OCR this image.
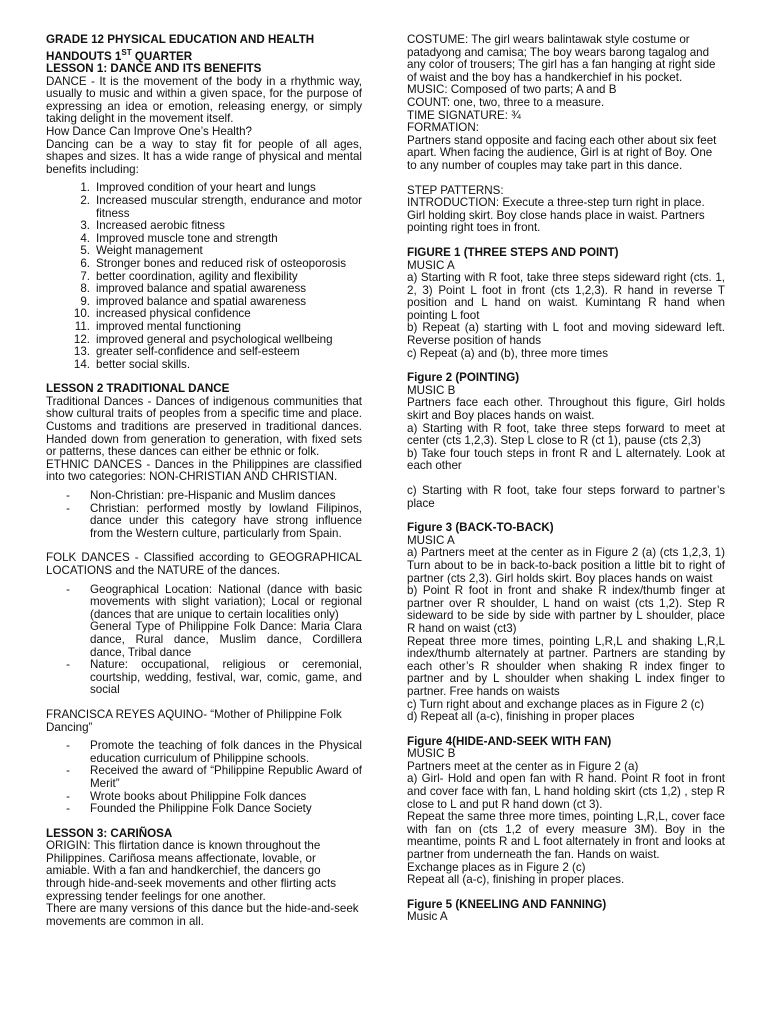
GRADE 12 PHYSICAL EDUCATION AND HEALTH

HANDOUTS 1ST QUARTER

LESSON 1: DANCE AND ITS BENEFITS

DANCE - It is the movement of the body in a rhythmic way, usually to music and within a given space, for the purpose of expressing an idea or emotion, releasing energy, or simply taking delight in the movement itself.

How Dance Can Improve One’s Health?

Dancing can be a way to stay fit for people of all ages, shapes and sizes. It has a wide range of physical and mental benefits including:

1. Improved condition of your heart and lungs
2. Increased muscular strength, endurance and motor fitness
3. Increased aerobic fitness
4. Improved muscle tone and strength
5. Weight management
6. Stronger bones and reduced risk of osteoporosis
7. better coordination, agility and flexibility
8. improved balance and spatial awareness
9. improved balance and spatial awareness
10. increased physical confidence
11. improved mental functioning
12. improved general and psychological wellbeing
13. greater self-confidence and self-esteem
14. better social skills.

LESSON 2 TRADITIONAL DANCE

Traditional Dances - Dances of indigenous communities that show cultural traits of peoples from a specific time and place. Customs and traditions are preserved in traditional dances. Handed down from generation to generation, with fixed sets or patterns, these dances can either be ethnic or folk.

ETHNIC DANCES - Dances in the Philippines are classified into two categories: NON-CHRISTIAN AND CHRISTIAN.

-	Non-Christian: pre-Hispanic and Muslim dances
-	Christian: performed mostly by lowland Filipinos, dance under this category have strong influence from the Western culture, particularly from Spain.

FOLK DANCES - Classified according to GEOGRAPHICAL LOCATIONS and the NATURE of the dances.

-	Geographical Location: National (dance with basic movements with slight variation); Local or regional (dances that are unique to certain localities only)
General Type of Philippine Folk Dance: Maria Clara dance, Rural dance, Muslim dance, Cordillera dance, Tribal dance
-	Nature: occupational, religious or ceremonial, courtship, wedding, festival, war, comic, game, and social

FRANCISCA REYES AQUINO- “Mother of Philippine Folk Dancing”

-	Promote the teaching of folk dances in the Physical education curriculum of Philippine schools.
-	Received the award of “Philippine Republic Award of Merit”
-	Wrote books about Philippine Folk dances
-	Founded the Philippine Folk Dance Society

LESSON 3: CARIÑOSA

ORIGIN: This flirtation dance is known throughout the Philippines. Cariñosa means affectionate, lovable, or amiable. With a fan and handkerchief, the dancers go through hide-and-seek movements and other flirting acts expressing tender feelings for one another.

There are many versions of this dance but the hide-and-seek movements are common in all.

COSTUME: The girl wears balintawak style costume or patadyong and camisa; The boy wears barong tagalog and any color of trousers; The girl has a fan hanging at right side of waist and the boy has a handkerchief in his pocket.

MUSIC: Composed of two parts; A and B

COUNT: one, two, three to a measure.

TIME SIGNATURE: ¾

FORMATION:

Partners stand opposite and facing each other about six feet apart. When facing the audience, Girl is at right of Boy. One to any number of couples may take part in this dance.

STEP PATTERNS:

INTRODUCTION: Execute a three-step turn right in place. Girl holding skirt. Boy close hands place in waist. Partners pointing right toes in front.

FIGURE 1 (THREE STEPS AND POINT)

MUSIC A

a) Starting with R foot, take three steps sideward right (cts. 1, 2, 3) Point L foot in front (cts 1,2,3). R hand in reverse T position and L hand on waist. Kumintang R hand when pointing L foot

b) Repeat (a) starting with L foot and moving sideward left. Reverse position of hands

c) Repeat (a) and (b), three more times

Figure 2 (POINTING)

MUSIC B

Partners face each other. Throughout this figure, Girl holds skirt and Boy places hands on waist.

a) Starting with R foot, take three steps forward to meet at center (cts 1,2,3). Step L close to R (ct 1), pause (cts 2,3)

b) Take four touch steps in front R and L alternately. Look at each other

c) Starting with R foot, take four steps forward to partner’s place

Figure 3 (BACK-TO-BACK)

MUSIC A

a) Partners meet at the center as in Figure 2 (a) (cts 1,2,3, 1) Turn about to be in back-to-back position a little bit to right of partner (cts 2,3). Girl holds skirt. Boy places hands on waist

b) Point R foot in front and shake R index/thumb finger at partner over R shoulder, L hand on waist (cts 1,2). Step R sideward to be side by side with partner by L shoulder, place R hand on waist (ct3)

Repeat three more times, pointing L,R,L and shaking L,R,L index/thumb alternately at partner. Partners are standing by each other’s R shoulder when shaking R index finger to partner and by L shoulder when shaking L index finger to partner. Free hands on waists

c) Turn right about and exchange places as in Figure 2 (c)

d) Repeat all (a-c), finishing in proper places

Figure 4(HIDE-AND-SEEK WITH FAN)

MUSIC B

Partners meet at the center as in Figure 2 (a)

a) Girl- Hold and open fan with R hand. Point R foot in front and cover face with fan, L hand holding skirt (cts 1,2) , step R close to L and put R hand down (ct 3).

Repeat the same three more times, pointing L,R,L, cover face with fan on (cts 1,2 of every measure 3M). Boy in the meantime, points R and L foot alternately in front and looks at partner from underneath the fan. Hands on waist.

Exchange places as in Figure 2 (c)

Repeat all (a-c), finishing in proper places.

Figure 5 (KNEELING AND FANNING)

Music A
